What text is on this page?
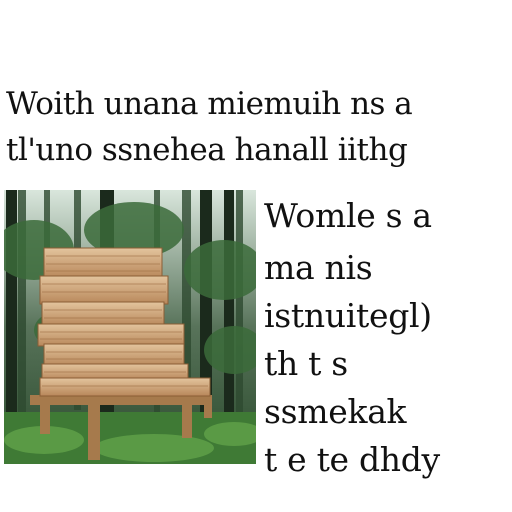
Woith unana miemuih ns a
tl'uno ssnehea hanall iithg
Womle s a
ma nis
istnuitegl)
th t s
ssmekak
t e te dhdy
